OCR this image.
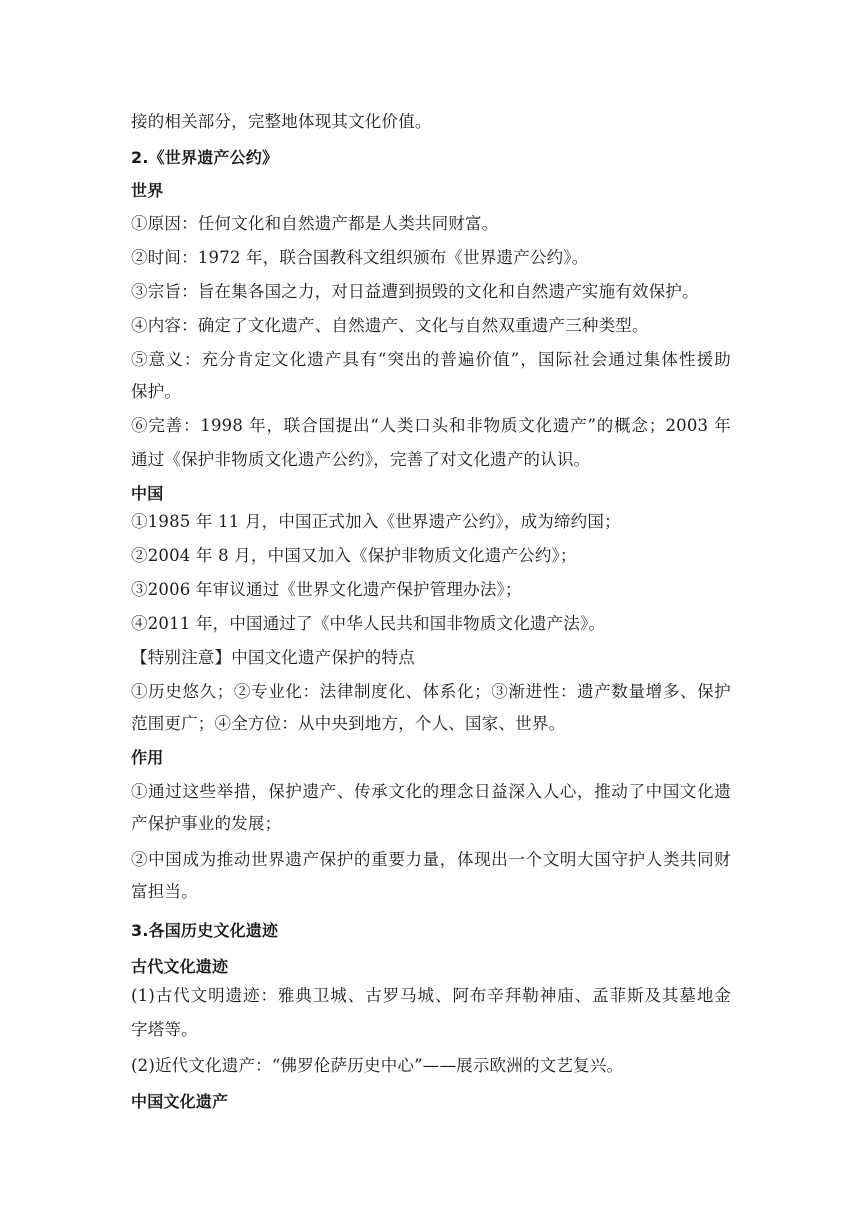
接的相关部分，完整地体现其文化价值。
2.《世界遗产公约》
世界
①原因：任何文化和自然遗产都是人类共同财富。
②时间：1972 年，联合国教科文组织颁布《世界遗产公约》。
③宗旨：旨在集各国之力，对日益遭到损毁的文化和自然遗产实施有效保护。
④内容：确定了文化遗产、自然遗产、文化与自然双重遗产三种类型。
⑤意义：充分肯定文化遗产具有“突出的普遍价值”，国际社会通过集体性援助
保护。
⑥完善：1998 年，联合国提出“人类口头和非物质文化遗产”的概念；2003 年
通过《保护非物质文化遗产公约》，完善了对文化遗产的认识。
中国
①1985 年 11 月，中国正式加入《世界遗产公约》，成为缔约国；
②2004 年 8 月，中国又加入《保护非物质文化遗产公约》；
③2006 年审议通过《世界文化遗产保护管理办法》；
④2011 年，中国通过了《中华人民共和国非物质文化遗产法》。
【特别注意】中国文化遗产保护的特点
①历史悠久；②专业化：法律制度化、体系化；③渐进性：遗产数量增多、保护
范围更广；④全方位：从中央到地方，个人、国家、世界。
作用
①通过这些举措，保护遗产、传承文化的理念日益深入人心，推动了中国文化遗
产保护事业的发展；
②中国成为推动世界遗产保护的重要力量，体现出一个文明大国守护人类共同财
富担当。
3.各国历史文化遗迹
古代文化遗迹
(1)古代文明遗迹：雅典卫城、古罗马城、阿布辛拜勒神庙、孟菲斯及其墓地金
字塔等。
(2)近代文化遗产：“佛罗伦萨历史中心”——展示欧洲的文艺复兴。
中国文化遗产
